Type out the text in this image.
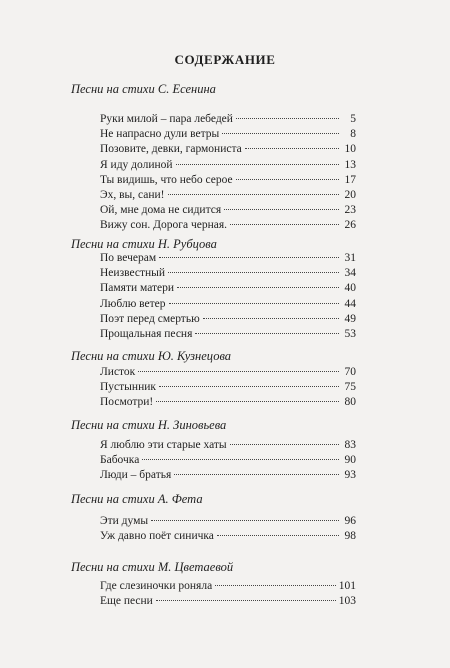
СОДЕРЖАНИЕ
Песни на стихи С. Есенина
Руки милой – пара лебедей	5
Не напрасно дули ветры	8
Позовите, девки, гармониста	10
Я иду долиной	13
Ты видишь, что небо серое	17
Эх, вы, сани!	20
Ой, мне дома не сидится	23
Вижу сон. Дорога черная.	26
Песни на стихи Н. Рубцова
По вечерам	31
Неизвестный	34
Памяти матери	40
Люблю ветер	44
Поэт перед смертью	49
Прощальная песня	53
Песни на стихи Ю. Кузнецова
Листок	70
Пустынник	75
Посмотри!	80
Песни на стихи Н. Зиновьева
Я люблю эти старые хаты	83
Бабочка	90
Люди – братья	93
Песни на стихи А. Фета
Эти думы	96
Уж давно поёт синичка	98
Песни на стихи М. Цветаевой
Где слезиночки роняла	101
Еще песни	103
